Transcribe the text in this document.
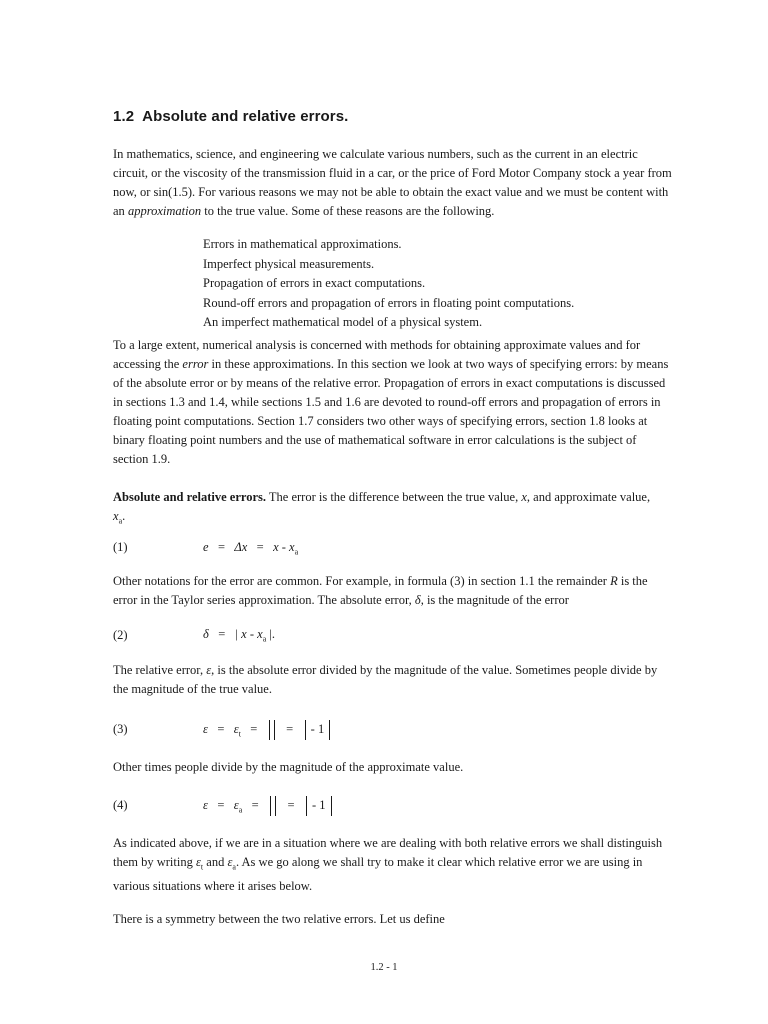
1.2 Absolute and relative errors.

In mathematics, science, and engineering we calculate various numbers, such as the current in an electric circuit, or the viscosity of the transmission fluid in a car, or the price of Ford Motor Company stock a year from now, or sin(1.5). For various reasons we may not be able to obtain the exact value and we must be content with an approximation to the true value. Some of these reasons are the following.

Errors in mathematical approximations.
Imperfect physical measurements.
Propagation of errors in exact computations.
Round-off errors and propagation of errors in floating point computations.
An imperfect mathematical model of a physical system.

To a large extent, numerical analysis is concerned with methods for obtaining approximate values and for accessing the error in these approximations. In this section we look at two ways of specifying errors: by means of the absolute error or by means of the relative error. Propagation of errors in exact computations is discussed in sections 1.3 and 1.4, while sections 1.5 and 1.6 are devoted to round-off errors and propagation of errors in floating point computations. Section 1.7 considers two other ways of specifying errors, section 1.8 looks at binary floating point numbers and the use of mathematical software in error calculations is the subject of section 1.9.

Absolute and relative errors. The error is the difference between the true value, x, and approximate value,
$x_a$.

(1)	$e = \Delta x = x - x_a$

Other notations for the error are common. For example, in formula (3) in section 1.1 the remainder R is the error in the Taylor series approximation. The absolute error, δ, is the magnitude of the error

(2)	δ = | x - $x_a$ |.

The relative error, ε, is the absolute error divided by the magnitude of the value. Sometimes people divide by the magnitude of the true value.

(3)	$\varepsilon = \varepsilon_t$ = = - 1

Other times people divide by the magnitude of the approximate value.

(4)	$\varepsilon = \varepsilon_a$ = = - 1

As indicated above, if we are in a situation where we are dealing with both relative errors we shall distinguish them by writing $\varepsilon_t$ and $\varepsilon_a$. As we go along we shall try to make it clear which relative error we are using in various situations where it arises below.

There is a symmetry between the two relative errors. Let us define

1.2 - 1
